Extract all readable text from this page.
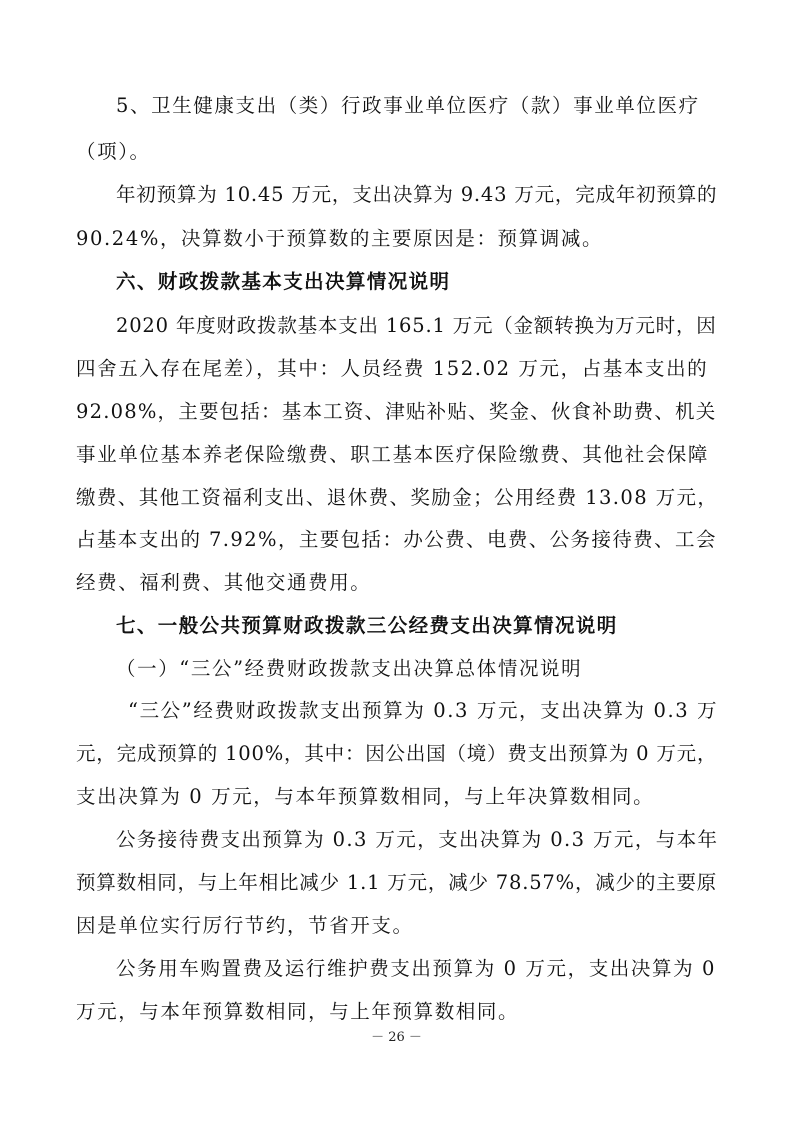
5、卫生健康支出（类）行政事业单位医疗（款）事业单位医疗
（项）。
年初预算为 10.45 万元，支出决算为 9.43 万元，完成年初预算的
90.24%，决算数小于预算数的主要原因是：预算调减。
六、财政拨款基本支出决算情况说明
2020 年度财政拨款基本支出 165.1 万元（金额转换为万元时，因
四舍五入存在尾差），其中：人员经费 152.02 万元，占基本支出的
92.08%，主要包括：基本工资、津贴补贴、奖金、伙食补助费、机关
事业单位基本养老保险缴费、职工基本医疗保险缴费、其他社会保障
缴费、其他工资福利支出、退休费、奖励金；公用经费 13.08 万元，
占基本支出的 7.92%，主要包括：办公费、电费、公务接待费、工会
经费、福利费、其他交通费用。
七、一般公共预算财政拨款三公经费支出决算情况说明
（一）“三公”经费财政拨款支出决算总体情况说明
“三公”经费财政拨款支出预算为 0.3 万元，支出决算为 0.3 万
元，完成预算的 100%，其中：因公出国（境）费支出预算为 0 万元，
支出决算为 0 万元，与本年预算数相同，与上年决算数相同。
公务接待费支出预算为 0.3 万元，支出决算为 0.3 万元，与本年
预算数相同，与上年相比减少 1.1 万元，减少 78.57%，减少的主要原
因是单位实行厉行节约，节省开支。
公务用车购置费及运行维护费支出预算为 0 万元，支出决算为 0
万元，与本年预算数相同，与上年预算数相同。
－ 26 －
